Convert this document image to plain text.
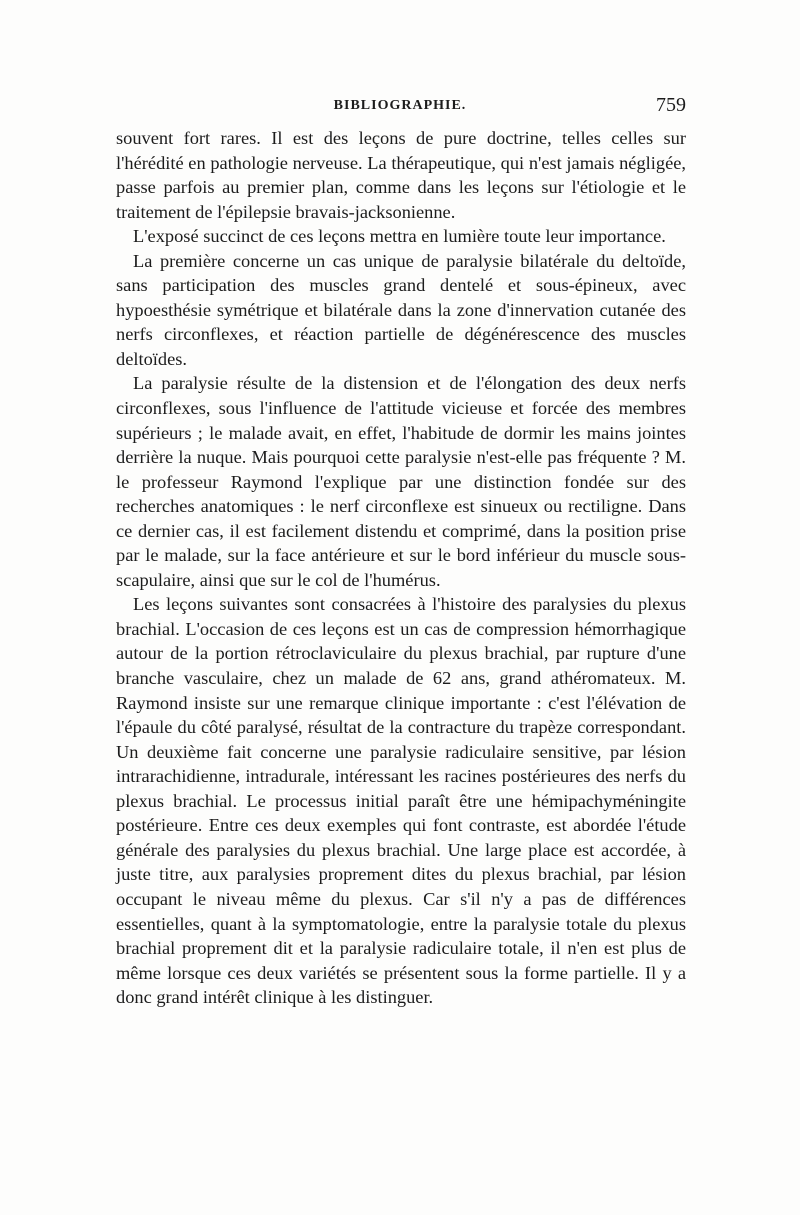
BIBLIOGRAPHIE.	759

souvent fort rares. Il est des leçons de pure doctrine, telles celles sur l'hérédité en pathologie nerveuse. La thérapeutique, qui n'est jamais négligée, passe parfois au premier plan, comme dans les leçons sur l'étiologie et le traitement de l'épilepsie bravais-jacksonienne.

L'exposé succinct de ces leçons mettra en lumière toute leur importance.

La première concerne un cas unique de paralysie bilatérale du deltoïde, sans participation des muscles grand dentelé et sous-épineux, avec hypoesthésie symétrique et bilatérale dans la zone d'innervation cutanée des nerfs circonflexes, et réaction partielle de dégénérescence des muscles deltoïdes.

La paralysie résulte de la distension et de l'élongation des deux nerfs circonflexes, sous l'influence de l'attitude vicieuse et forcée des membres supérieurs ; le malade avait, en effet, l'habitude de dormir les mains jointes derrière la nuque. Mais pourquoi cette paralysie n'est-elle pas fréquente ? M. le professeur Raymond l'explique par une distinction fondée sur des recherches anatomiques : le nerf circonflexe est sinueux ou rectiligne. Dans ce dernier cas, il est facilement distendu et comprimé, dans la position prise par le malade, sur la face antérieure et sur le bord inférieur du muscle sous-scapulaire, ainsi que sur le col de l'humérus.

Les leçons suivantes sont consacrées à l'histoire des paralysies du plexus brachial. L'occasion de ces leçons est un cas de compression hémorrhagique autour de la portion rétroclaviculaire du plexus brachial, par rupture d'une branche vasculaire, chez un malade de 62 ans, grand athéromateux. M. Raymond insiste sur une remarque clinique importante : c'est l'élévation de l'épaule du côté paralysé, résultat de la contracture du trapèze correspondant. Un deuxième fait concerne une paralysie radiculaire sensitive, par lésion intrarachidienne, intradurale, intéressant les racines postérieures des nerfs du plexus brachial. Le processus initial paraît être une hémipachyméningite postérieure. Entre ces deux exemples qui font contraste, est abordée l'étude générale des paralysies du plexus brachial. Une large place est accordée, à juste titre, aux paralysies proprement dites du plexus brachial, par lésion occupant le niveau même du plexus. Car s'il n'y a pas de différences essentielles, quant à la symptomatologie, entre la paralysie totale du plexus brachial proprement dit et la paralysie radiculaire totale, il n'en est plus de même lorsque ces deux variétés se présentent sous la forme partielle. Il y a donc grand intérêt clinique à les distinguer.
